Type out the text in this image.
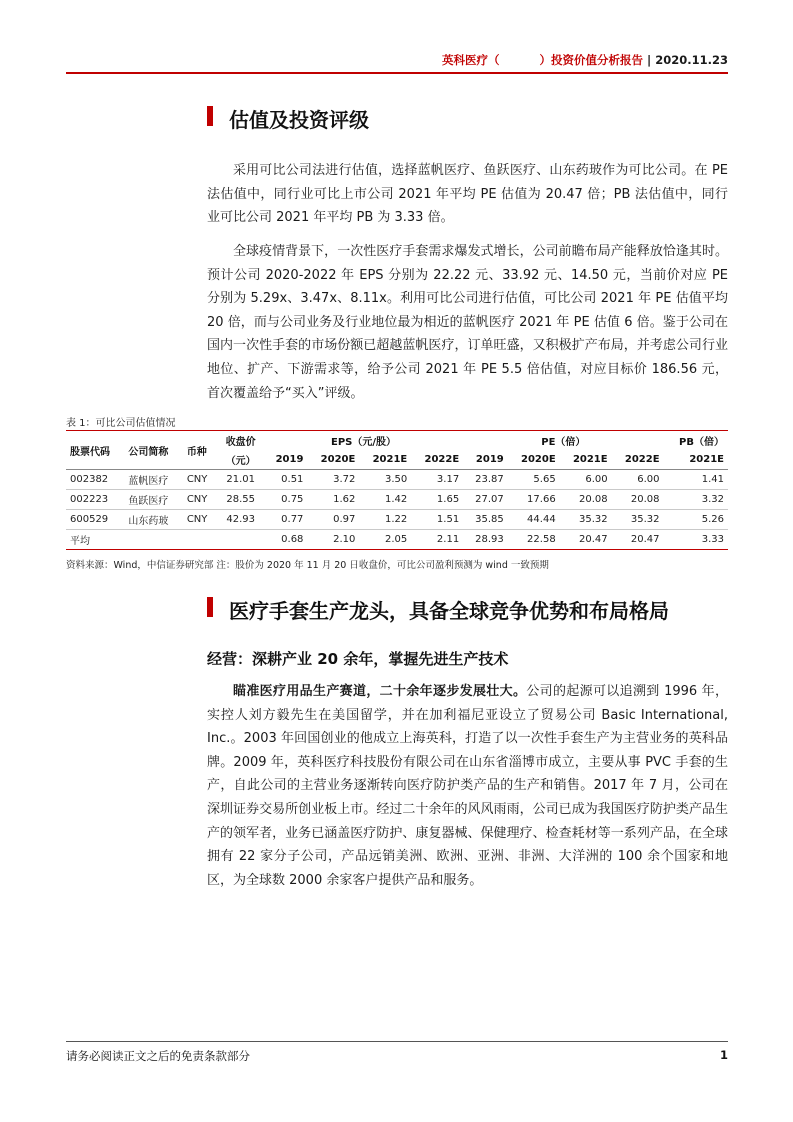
英科医疗（	）投资价值分析报告 | 2020.11.23
估值及投资评级

采用可比公司法进行估值，选择蓝帆医疗、鱼跃医疗、山东药玻作为可比公司。在 PE 法估值中，同行业可比上市公司 2021 年平均 PE 估值为 20.47 倍；PB 法估值中，同行业可比公司 2021 年平均 PB 为 3.33 倍。

全球疫情背景下，一次性医疗手套需求爆发式增长，公司前瞻布局产能释放恰逢其时。预计公司 2020-2022 年 EPS 分别为 22.22 元、33.92 元、14.50 元，当前价对应 PE 分别为 5.29x、3.47x、8.11x。利用可比公司进行估值，可比公司 2021 年 PE 估值平均 20 倍，而与公司业务及行业地位最为相近的蓝帆医疗 2021 年 PE 估值 6 倍。鉴于公司在国内一次性手套的市场份额已超越蓝帆医疗，订单旺盛，又积极扩产布局，并考虑公司行业地位、扩产、下游需求等，给予公司 2021 年 PE 5.5 倍估值，对应目标价 186.56 元，首次覆盖给予“买入”评级。

表 1：可比公司估值情况
股票代码	公司简称	币种	收盘价	EPS（元/股）				PE（倍）				PB（倍）
			（元）	2019	2020E	2021E	2022E	2019	2020E	2021E	2022E	2021E
002382	蓝帆医疗	CNY	21.01	0.51	3.72	3.50	3.17	23.87	5.65	6.00	6.00	1.41
002223	鱼跃医疗	CNY	28.55	0.75	1.62	1.42	1.65	27.07	17.66	20.08	20.08	3.32
600529	山东药玻	CNY	42.93	0.77	0.97	1.22	1.51	35.85	44.44	35.32	35.32	5.26
平均				0.68	2.10	2.05	2.11	28.93	22.58	20.47	20.47	3.33
资料来源：Wind，中信证券研究部 注：股价为 2020 年 11 月 20 日收盘价，可比公司盈利预测为 wind 一致预期
医疗手套生产龙头，具备全球竞争优势和布局格局
经营：深耕产业 20 余年，掌握先进生产技术

瞄准医疗用品生产赛道，二十余年逐步发展壮大。公司的起源可以追溯到 1996 年，实控人刘方毅先生在美国留学，并在加利福尼亚设立了贸易公司 Basic International, Inc.。2003 年回国创业的他成立上海英科，打造了以一次性手套生产为主营业务的英科品牌。2009 年，英科医疗科技股份有限公司在山东省淄博市成立，主要从事 PVC 手套的生产，自此公司的主营业务逐渐转向医疗防护类产品的生产和销售。2017 年 7 月，公司在深圳证券交易所创业板上市。经过二十余年的风风雨雨，公司已成为我国医疗防护类产品生产的领军者，业务已涵盖医疗防护、康复器械、保健理疗、检查耗材等一系列产品，在全球拥有 22 家分子公司，产品远销美洲、欧洲、亚洲、非洲、大洋洲的 100 余个国家和地区，为全球数 2000 余家客户提供产品和服务。

请务必阅读正文之后的免责条款部分	1
